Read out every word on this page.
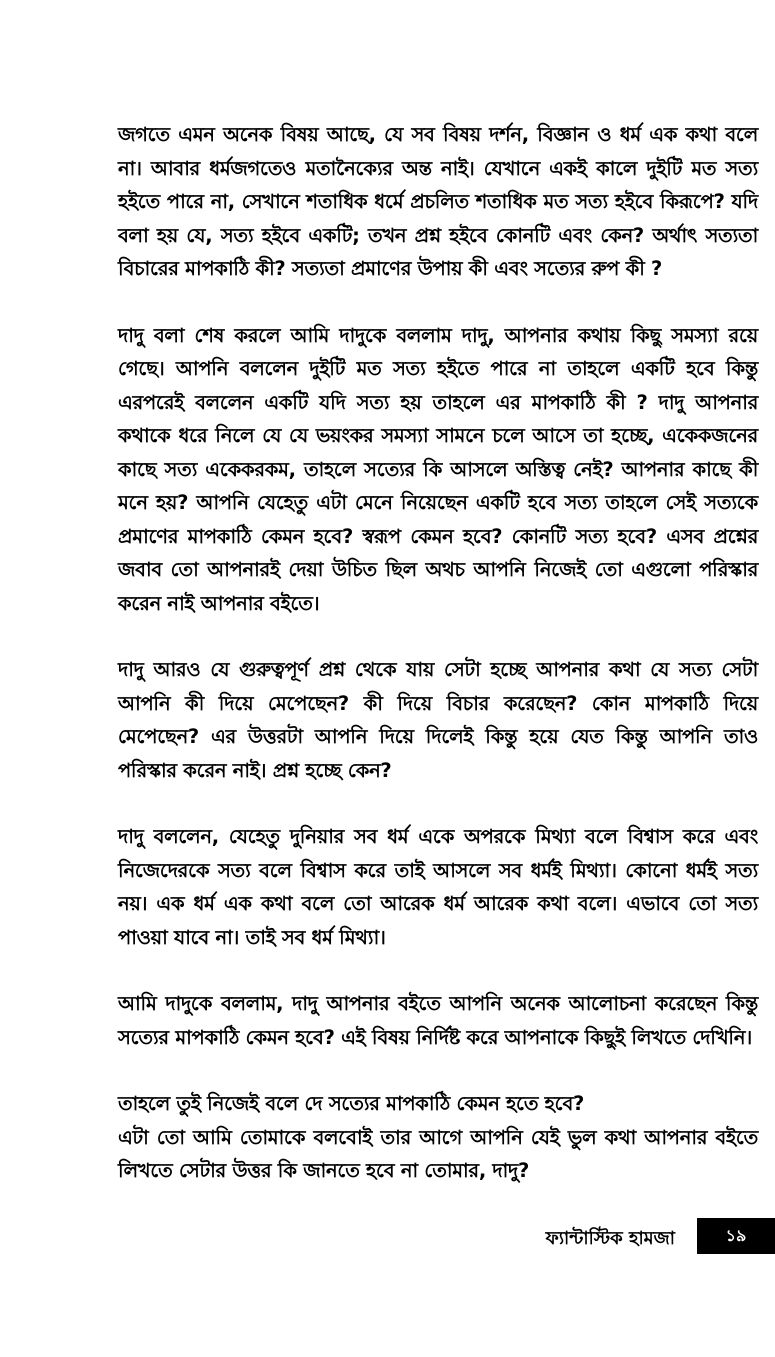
জগতে এমন অনেক বিষয় আছে, যে সব বিষয় দর্শন, বিজ্ঞান ও ধর্ম এক কথা বলে না। আবার ধর্মজগতেও মতানৈক্যের অন্ত নাই। যেখানে একই কালে দুইটি মত সত্য হইতে পারে না, সেখানে শতাধিক ধর্মে প্রচলিত শতাধিক মত সত্য হইবে কিরূপে? যদি বলা হয় যে, সত্য হইবে একটি; তখন প্রশ্ন হইবে কোনটি এবং কেন? অর্থাৎ সত্যতা বিচারের মাপকাঠি কী? সত্যতা প্রমাণের উপায় কী এবং সত্যের রুপ কী ?

দাদু বলা শেষ করলে আমি দাদুকে বললাম দাদু, আপনার কথায় কিছু সমস্যা রয়ে গেছে। আপনি বললেন দুইটি মত সত্য হইতে পারে না তাহলে একটি হবে কিন্তু এরপরেই বললেন একটি যদি সত্য হয় তাহলে এর মাপকাঠি কী ? দাদু আপনার কথাকে ধরে নিলে যে যে ভয়ংকর সমস্যা সামনে চলে আসে তা হচ্ছে, একেকজনের কাছে সত্য একেকরকম, তাহলে সত্যের কি আসলে অস্তিত্ব নেই? আপনার কাছে কী মনে হয়? আপনি যেহেতু এটা মেনে নিয়েছেন একটি হবে সত্য তাহলে সেই সত্যকে প্রমাণের মাপকাঠি কেমন হবে? স্বরূপ কেমন হবে? কোনটি সত্য হবে? এসব প্রশ্নের জবাব তো আপনারই দেয়া উচিত ছিল অথচ আপনি নিজেই তো এগুলো পরিস্কার করেন নাই আপনার বইতে।

দাদু আরও যে গুরুত্বপূর্ণ প্রশ্ন থেকে যায় সেটা হচ্ছে আপনার কথা যে সত্য সেটা আপনি কী দিয়ে মেপেছেন? কী দিয়ে বিচার করেছেন? কোন মাপকাঠি দিয়ে মেপেছেন? এর উত্তরটা আপনি দিয়ে দিলেই কিন্তু হয়ে যেত কিন্তু আপনি তাও পরিস্কার করেন নাই। প্রশ্ন হচ্ছে কেন?

দাদু বললেন, যেহেতু দুনিয়ার সব ধর্ম একে অপরকে মিথ্যা বলে বিশ্বাস করে এবং নিজেদেরকে সত্য বলে বিশ্বাস করে তাই আসলে সব ধর্মই মিথ্যা। কোনো ধর্মই সত্য নয়। এক ধর্ম এক কথা বলে তো আরেক ধর্ম আরেক কথা বলে। এভাবে তো সত্য পাওয়া যাবে না। তাই সব ধর্ম মিথ্যা।

আমি দাদুকে বললাম, দাদু আপনার বইতে আপনি অনেক আলোচনা করেছেন কিন্তু সত্যের মাপকাঠি কেমন হবে? এই বিষয় নির্দিষ্ট করে আপনাকে কিছুই লিখতে দেখিনি।

তাহলে তুই নিজেই বলে দে সত্যের মাপকাঠি কেমন হতে হবে?

এটা তো আমি তোমাকে বলবোই তার আগে আপনি যেই ভুল কথা আপনার বইতে লিখতে সেটার উত্তর কি জানতে হবে না তোমার, দাদু?

ফ্যান্টাস্টিক হামজা	১৯
